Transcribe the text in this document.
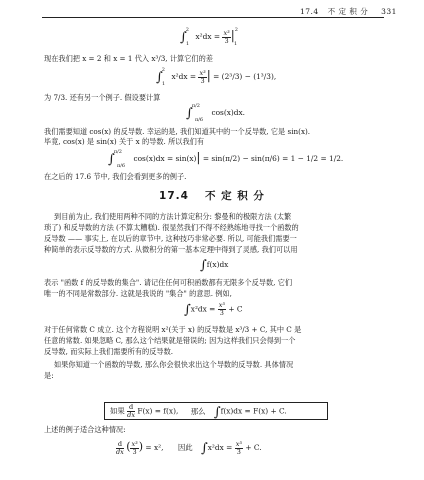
17.4 不 定 积 分 331
∫$^2_1$ $x^2dx = \frac{\text{x³}}{3} |^2_1$
现在我们把 x = 2 和 x = 1 代入 x³/3, 计算它们的差
∫$^2_1$ $x^2dx = \frac{\text{x³}}{3}$ | = (2³/3) − (1³/3),
为 7/3. 还有另一个例子. 假设要计算
∫$^{\pi/2}_{\pi/6}$ cos(x)dx.
我们需要知道 cos(x) 的反导数. 幸运的是, 我们知道其中的一个反导数, 它是 sin(x).
毕竟, cos(x) 是 sin(x) 关于 x 的导数. 所以我们有
∫$^{\pi/2}_{\pi/6}$ cos(x)dx = sin(x)| = sin(π/2) − sin(π/6) = 1 − 1/2 = 1/2.
在之后的 17.6 节中, 我们会看到更多的例子.
17.4 不 定 积 分
到目前为止, 我们使用两种不同的方法计算定积分: 黎曼和的极限方法 (太繁
琐了) 和反导数的方法 (不算太糟糕). 很显然我们不得不经熟练地寻找一个函数的
反导数 —— 事实上, 在以后的章节中, 这种技巧非常必要. 所以, 可能我们需要一
种简单的表示反导数的方式. 从微积分的第一基本定理中得到了灵感, 我们可以用
∫f(x)dx
表示 "函数 f 的反导数的集合". 请记住任何可积函数都有无限多个反导数, 它们
唯一的不同是常数部分. 这就是我说的 "集合" 的意思. 例如,
$\int x^2dx = \frac{\text{x³}}{3} + C$
对于任何常数 C 成立. 这个方程说明 x²(关于 x) 的反导数是 x³/3 + C, 其中 C 是
任意的常数. 如果忽略 C, 那么这个结果就是错误的; 因为这样我们只会得到一个
反导数, 而实际上我们需要所有的反导数.
如果你知道一个函数的导数, 那么你会很快求出这个导数的反导数. 具体情况
是:
如果 $\frac{d}{dx} F(x) = f(x)$, 那么 ∫f(x)dx = F(x) + C.
上述的例子适合这种情况:
$\frac{d}{dx}$ ( $\frac{\text{x³}}{3}$ ) = x², 因此 $\int x^2dx = \frac{\text{x³}}{3} + C$.
